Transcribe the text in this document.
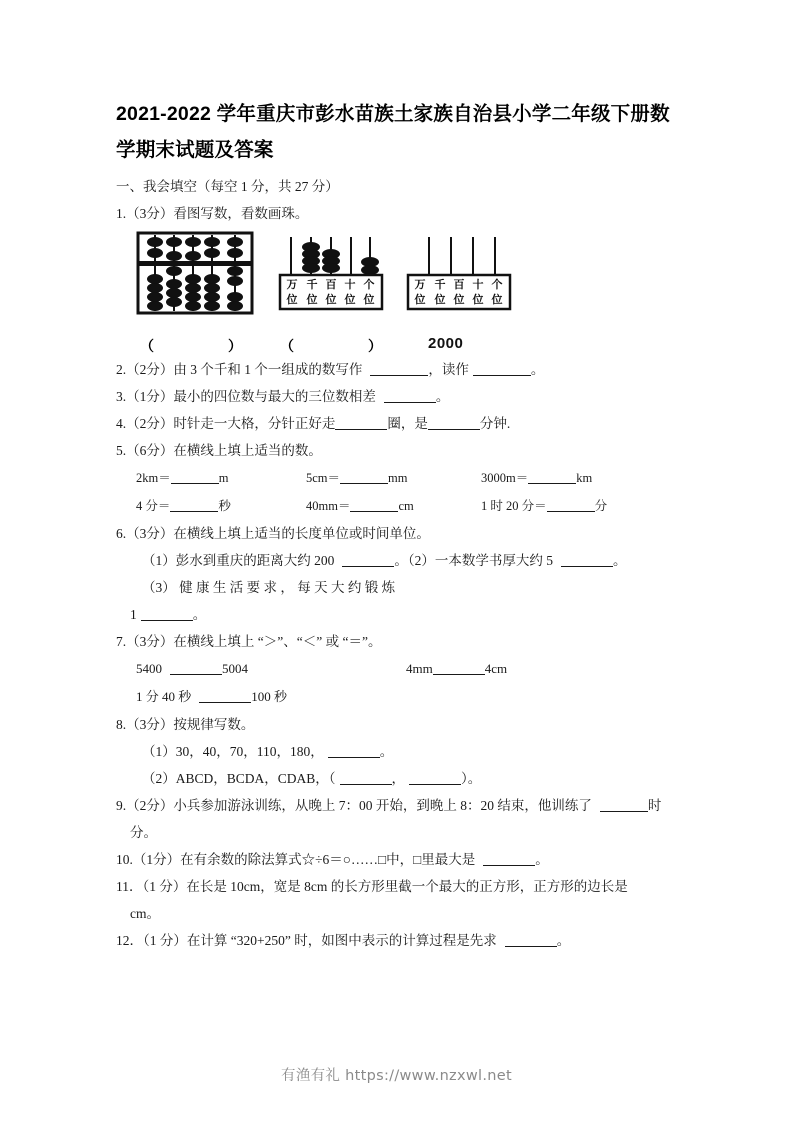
2021-2022 学年重庆市彭水苗族土家族自治县小学二年级下册数学期末试题及答案
一、我会填空（每空 1 分，共 27 分）
1.（3分）看图写数，看数画珠。
万 千 百 十 个
位 位 位 位 位
万 千 百 十 个
位 位 位 位 位
（	）	（	）	2000
2.（2分）由 3 个千和 1 个一组成的数写作	，读作	。
3.（1分）最小的四位数与最大的三位数相差	。
4.（2分）时针走一大格，分针正好走	圈，是	分钟.
5.（6分）在横线上填上适当的数。
2km＝	m	5cm＝	mm	3000m＝	km
4 分＝	秒	40mm＝	cm	1 时 20 分＝	分
6.（3分）在横线上填上适当的长度单位或时间单位。
（1）彭水到重庆的距离大约 200	。（2）一本数学书厚大约 5	。
（3） 健 康 生 活 要 求 ， 每 天 大 约 锻 炼
1	。
7.（3分）在横线上填上 “＞”、“＜” 或 “＝”。
5400	5004	4mm	4cm
1 分 40 秒	100 秒
8.（3分）按规律写数。
（1）30，40，70，110，180，	。
（2）ABCD，BCDA，CDAB，（	，	）。
9.（2分）小兵参加游泳训练，从晚上 7：00 开始，到晚上 8：20 结束，他训练了	时
分。
10.（1分）在有余数的除法算式☆÷6＝○……□中，□里最大是	。
11．（1 分）在长是 10cm，宽是 8cm 的长方形里截一个最大的正方形，正方形的边长是
cm。
12．（1 分）在计算 “320+250” 时，如图中表示的计算过程是先求	。
有渔有礼 https://www.nzxwl.net
